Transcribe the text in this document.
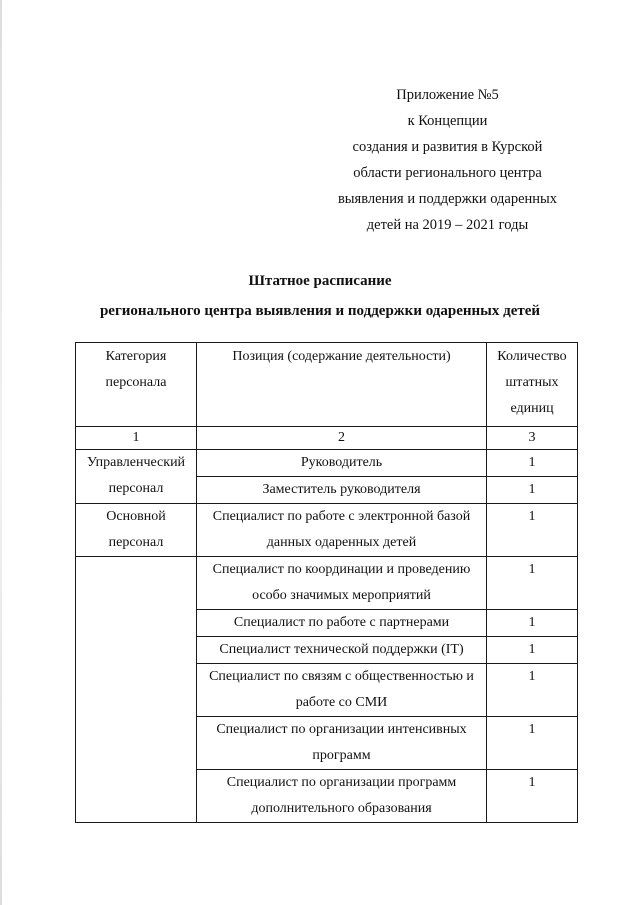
Приложение №5
к Концепции
создания и развития в Курской
области регионального центра
выявления и поддержки одаренных
детей на 2019 – 2021 годы
Штатное расписание
регионального центра выявления и поддержки одаренных детей
Категория персонала	Позиция (содержание деятельности)	Количество штатных единиц
1	2	3
Управленческий персонал	Руководитель	1
	Заместитель руководителя	1
Основной персонал	Специалист по работе с электронной базой данных одаренных детей	1
	Специалист по координации и проведению особо значимых мероприятий	1
	Специалист по работе с партнерами	1
	Специалист технической поддержки (IT)	1
	Специалист по связям с общественностью и работе со СМИ	1
	Специалист по организации интенсивных программ	1
	Специалист по организации программ дополнительного образования	1
